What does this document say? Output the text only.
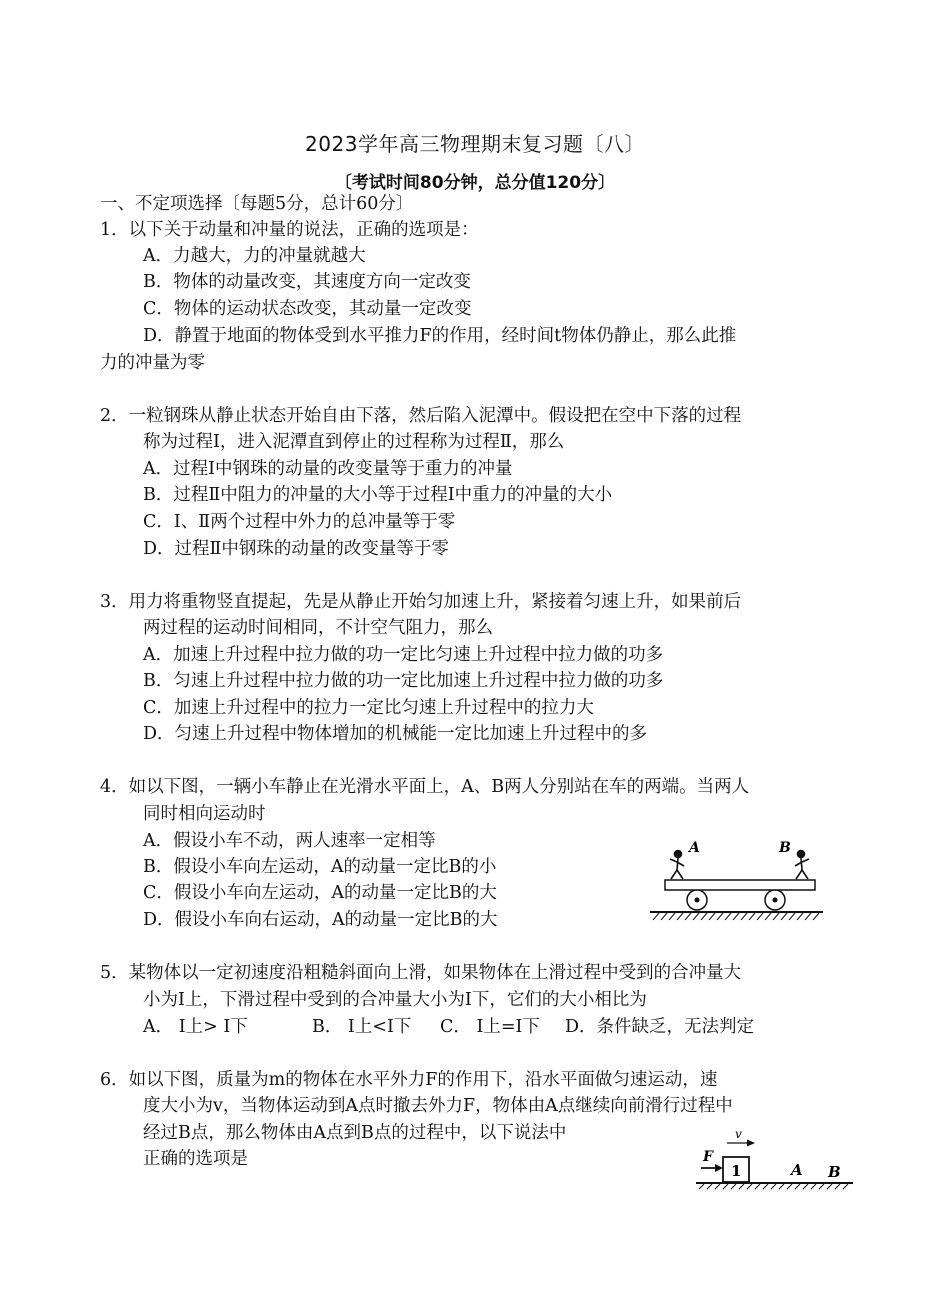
2023学年高三物理期末复习题〔八〕
〔考试时间80分钟，总分值120分〕
一、不定项选择〔每题5分，总计60分〕
1．以下关于动量和冲量的说法，正确的选项是：
A．力越大，力的冲量就越大
B．物体的动量改变，其速度方向一定改变
C．物体的运动状态改变，其动量一定改变
D．静置于地面的物体受到水平推力F的作用，经时间t物体仍静止，那么此推
力的冲量为零
2．一粒钢珠从静止状态开始自由下落，然后陷入泥潭中。假设把在空中下落的过程
称为过程Ⅰ，进入泥潭直到停止的过程称为过程Ⅱ，那么
A．过程Ⅰ中钢珠的动量的改变量等于重力的冲量
B．过程Ⅱ中阻力的冲量的大小等于过程Ⅰ中重力的冲量的大小
C．Ⅰ、Ⅱ两个过程中外力的总冲量等于零
D．过程Ⅱ中钢珠的动量的改变量等于零
3．用力将重物竖直提起，先是从静止开始匀加速上升，紧接着匀速上升，如果前后
两过程的运动时间相同，不计空气阻力，那么
A．加速上升过程中拉力做的功一定比匀速上升过程中拉力做的功多
B．匀速上升过程中拉力做的功一定比加速上升过程中拉力做的功多
C．加速上升过程中的拉力一定比匀速上升过程中的拉力大
D．匀速上升过程中物体增加的机械能一定比加速上升过程中的多
4．如以下图，一辆小车静止在光滑水平面上，A、B两人分别站在车的两端。当两人
同时相向运动时
A．假设小车不动，两人速率一定相等
B．假设小车向左运动，A的动量一定比B的小
C．假设小车向左运动，A的动量一定比B的大
D．假设小车向右运动，A的动量一定比B的大
A	B
5．某物体以一定初速度沿粗糙斜面向上滑，如果物体在上滑过程中受到的合冲量大
小为I上，下滑过程中受到的合冲量大小为I下，它们的大小相比为
A． I上> I下	B． I上<I下 C． I上=I下 D．条件缺乏，无法判定
6．如以下图，质量为m的物体在水平外力F的作用下，沿水平面做匀速运动，速
度大小为v，当物体运动到A点时撤去外力F，物体由A点继续向前滑行过程中
经过B点，那么物体由A点到B点的过程中，以下说法中
正确的选项是
1
F
v
A B
